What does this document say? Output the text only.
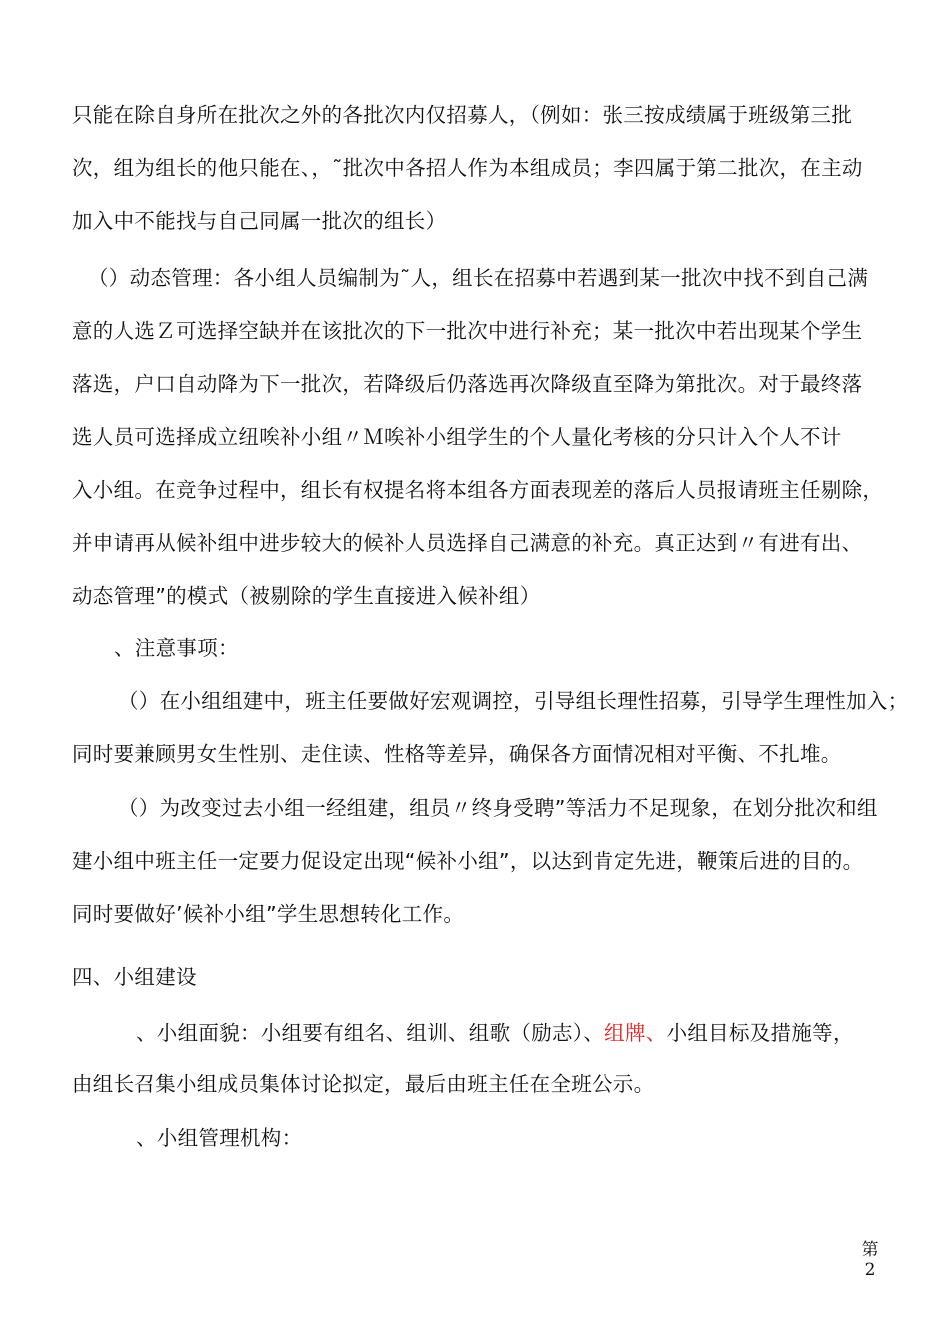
只能在除自身所在批次之外的各批次内仅招募人，（例如：张三按成绩属于班级第三批
次，组为组长的他只能在、，˜批次中各招人作为本组成员；李四属于第二批次，在主动
加入中不能找与自己同属一批次的组长）
（）动态管理：各小组人员编制为˜人，组长在招募中若遇到某一批次中找不到自己满
意的人选Ｚ可选择空缺并在该批次的下一批次中进行补充；某一批次中若出现某个学生
落选，户口自动降为下一批次，若降级后仍落选再次降级直至降为第批次。对于最终落
选人员可选择成立纽唉补小组〃Ｍ唉补小组学生的个人量化考核的分只计入个人不计
入小组。在竞争过程中，组长有权提名将本组各方面表现差的落后人员报请班主任剔除，
并申请再从候补组中进步较大的候补人员选择自己满意的补充。真正达到〃有进有出、
动态管理”的模式（被剔除的学生直接进入候补组）
、注意事项：
（）在小组组建中，班主任要做好宏观调控，引导组长理性招募，引导学生理性加入；
同时要兼顾男女生性别、走住读、性格等差异，确保各方面情况相对平衡、不扎堆。
（）为改变过去小组一经组建，组员〃终身受聘”等活力不足现象，在划分批次和组
建小组中班主任一定要力促设定出现“候补小组”，以达到肯定先进，鞭策后进的目的。
同时要做好’候补小组”学生思想转化工作。
四、小组建设
、小组面貌：小组要有组名、组训、组歌（励志）、组牌、小组目标及措施等，
由组长召集小组成员集体讨论拟定，最后由班主任在全班公示。
、小组管理机构：
第
2
